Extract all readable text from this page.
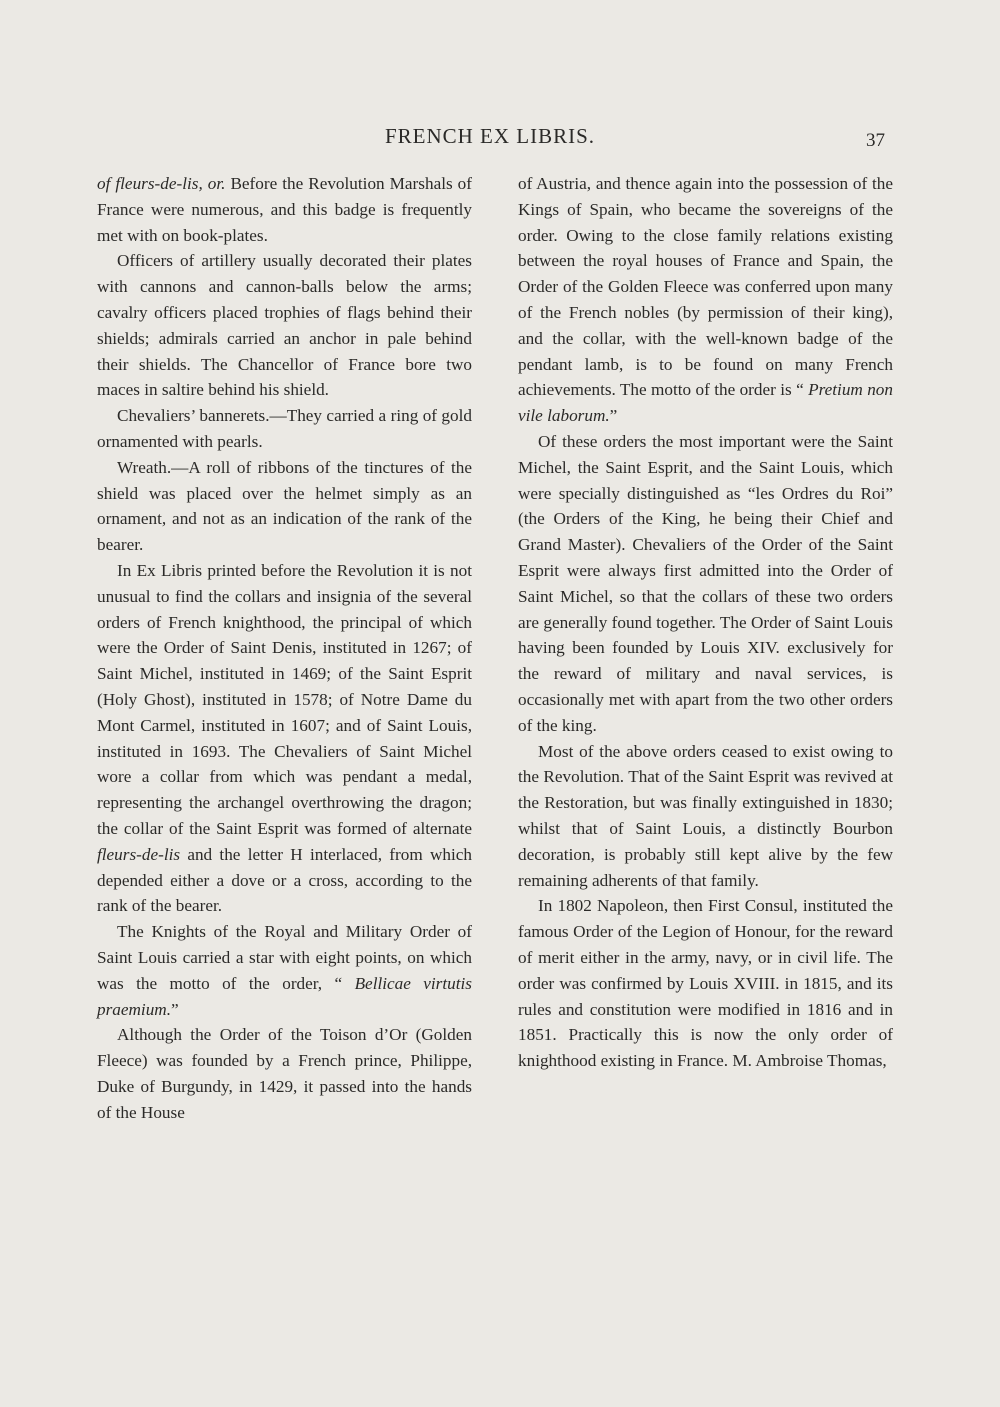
FRENCH EX LIBRIS.	37

of fleurs-de-lis, or. Before the Revolution Marshals of France were numerous, and this badge is frequently met with on book-plates.

Officers of artillery usually decorated their plates with cannons and cannon-balls below the arms; cavalry officers placed trophies of flags behind their shields; admirals carried an anchor in pale behind their shields. The Chancellor of France bore two maces in saltire behind his shield.

Chevaliers’ bannerets.—They carried a ring of gold ornamented with pearls.

Wreath.—A roll of ribbons of the tinctures of the shield was placed over the helmet simply as an ornament, and not as an indication of the rank of the bearer.

In Ex Libris printed before the Revolution it is not unusual to find the collars and insignia of the several orders of French knighthood, the principal of which were the Order of Saint Denis, instituted in 1267; of Saint Michel, instituted in 1469; of the Saint Esprit (Holy Ghost), instituted in 1578; of Notre Dame du Mont Carmel, instituted in 1607; and of Saint Louis, instituted in 1693. The Chevaliers of Saint Michel wore a collar from which was pendant a medal, representing the archangel overthrowing the dragon; the collar of the Saint Esprit was formed of alternate fleurs-de-lis and the letter H interlaced, from which depended either a dove or a cross, according to the rank of the bearer.

The Knights of the Royal and Military Order of Saint Louis carried a star with eight points, on which was the motto of the order, “ Bellicae virtutis praemium.”

Although the Order of the Toison d’Or (Golden Fleece) was founded by a French prince, Philippe, Duke of Burgundy, in 1429, it passed into the hands of the House

of Austria, and thence again into the possession of the Kings of Spain, who became the sovereigns of the order. Owing to the close family relations existing between the royal houses of France and Spain, the Order of the Golden Fleece was conferred upon many of the French nobles (by permission of their king), and the collar, with the well-known badge of the pendant lamb, is to be found on many French achievements. The motto of the order is “ Pretium non vile laborum.”

Of these orders the most important were the Saint Michel, the Saint Esprit, and the Saint Louis, which were specially distinguished as “les Ordres du Roi” (the Orders of the King, he being their Chief and Grand Master). Chevaliers of the Order of the Saint Esprit were always first admitted into the Order of Saint Michel, so that the collars of these two orders are generally found together. The Order of Saint Louis having been founded by Louis XIV. exclusively for the reward of military and naval services, is occasionally met with apart from the two other orders of the king.

Most of the above orders ceased to exist owing to the Revolution. That of the Saint Esprit was revived at the Restoration, but was finally extinguished in 1830; whilst that of Saint Louis, a distinctly Bourbon decoration, is probably still kept alive by the few remaining adherents of that family.

In 1802 Napoleon, then First Consul, instituted the famous Order of the Legion of Honour, for the reward of merit either in the army, navy, or in civil life. The order was confirmed by Louis XVIII. in 1815, and its rules and constitution were modified in 1816 and in 1851. Practically this is now the only order of knighthood existing in France. M. Ambroise Thomas,
